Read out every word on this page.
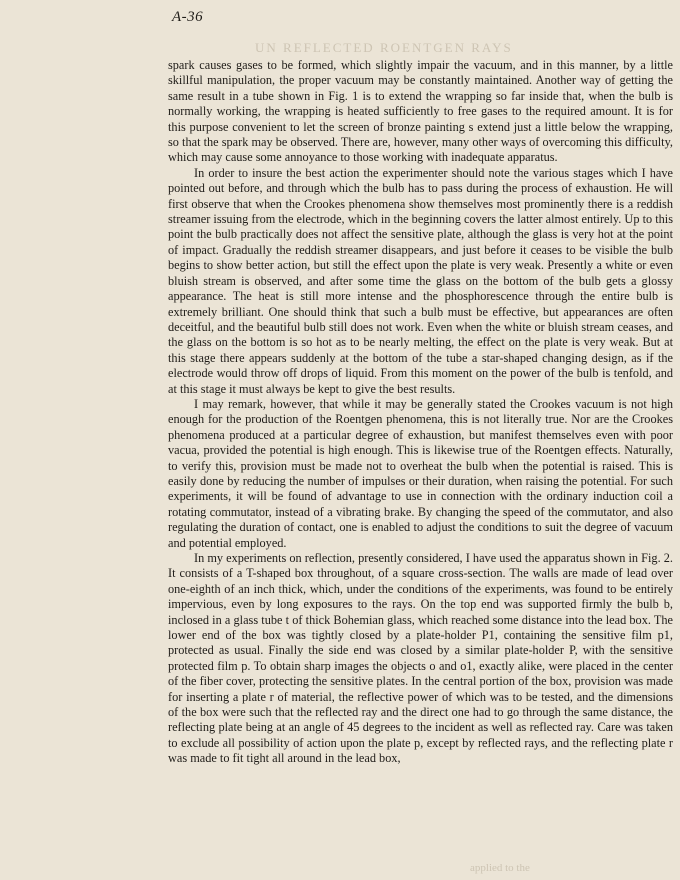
A-36
UN REFLECTED ROENTGEN RAYS

spark causes gases to be formed, which slightly impair the vacuum, and in this manner, by a little skillful manipulation, the proper vacuum may be constantly maintained. Another way of getting the same result in a tube shown in Fig. 1 is to extend the wrapping so far inside that, when the bulb is normally working, the wrapping is heated sufficiently to free gases to the required amount. It is for this purpose convenient to let the screen of bronze painting s extend just a little below the wrapping, so that the spark may be observed. There are, however, many other ways of overcoming this difficulty, which may cause some annoyance to those working with inadequate apparatus.

In order to insure the best action the experimenter should note the various stages which I have pointed out before, and through which the bulb has to pass during the process of exhaustion. He will first observe that when the Crookes phenomena show themselves most prominently there is a reddish streamer issuing from the electrode, which in the beginning covers the latter almost entirely. Up to this point the bulb practically does not affect the sensitive plate, although the glass is very hot at the point of impact. Gradually the reddish streamer disappears, and just before it ceases to be visible the bulb begins to show better action, but still the effect upon the plate is very weak. Presently a white or even bluish stream is observed, and after some time the glass on the bottom of the bulb gets a glossy appearance. The heat is still more intense and the phosphorescence through the entire bulb is extremely brilliant. One should think that such a bulb must be effective, but appearances are often deceitful, and the beautiful bulb still does not work. Even when the white or bluish stream ceases, and the glass on the bottom is so hot as to be nearly melting, the effect on the plate is very weak. But at this stage there appears suddenly at the bottom of the tube a star-shaped changing design, as if the electrode would throw off drops of liquid. From this moment on the power of the bulb is tenfold, and at this stage it must always be kept to give the best results.

I may remark, however, that while it may be generally stated the Crookes vacuum is not high enough for the production of the Roentgen phenomena, this is not literally true. Nor are the Crookes phenomena produced at a particular degree of exhaustion, but manifest themselves even with poor vacua, provided the potential is high enough. This is likewise true of the Roentgen effects. Naturally, to verify this, provision must be made not to overheat the bulb when the potential is raised. This is easily done by reducing the number of impulses or their duration, when raising the potential. For such experiments, it will be found of advantage to use in connection with the ordinary induction coil a rotating commutator, instead of a vibrating brake. By changing the speed of the commutator, and also regulating the duration of contact, one is enabled to adjust the conditions to suit the degree of vacuum and potential employed.

In my experiments on reflection, presently considered, I have used the apparatus shown in Fig. 2. It consists of a T-shaped box throughout, of a square cross-section. The walls are made of lead over one-eighth of an inch thick, which, under the conditions of the experiments, was found to be entirely impervious, even by long exposures to the rays. On the top end was supported firmly the bulb b, inclosed in a glass tube t of thick Bohemian glass, which reached some distance into the lead box. The lower end of the box was tightly closed by a plate-holder P1, containing the sensitive film p1, protected as usual. Finally the side end was closed by a similar plate-holder P, with the sensitive protected film p. To obtain sharp images the objects o and o1, exactly alike, were placed in the center of the fiber cover, protecting the sensitive plates. In the central portion of the box, provision was made for inserting a plate r of material, the reflective power of which was to be tested, and the dimensions of the box were such that the reflected ray and the direct one had to go through the same distance, the reflecting plate being at an angle of 45 degrees to the incident as well as reflected ray. Care was taken to exclude all possibility of action upon the plate p, except by reflected rays, and the reflecting plate r was made to fit tight all around in the lead box,

applied to the
